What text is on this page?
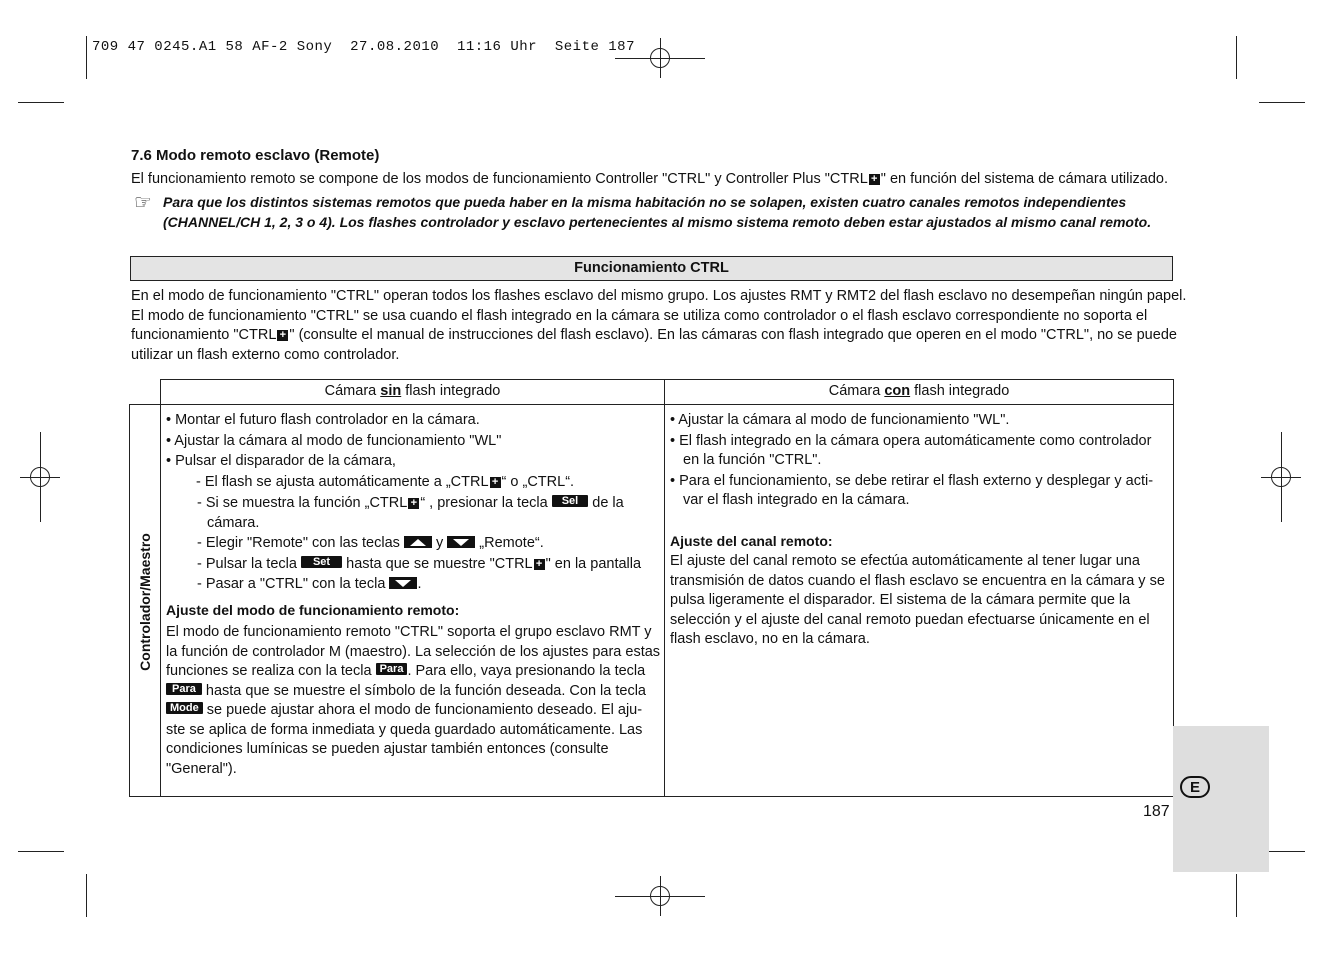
709 47 0245.A1 58 AF-2 Sony  27.08.2010  11:16 Uhr  Seite 187
7.6 Modo remoto esclavo (Remote)
El funcionamiento remoto se compone de los modos de funcionamiento Controller "CTRL" y Controller Plus "CTRL + " en función del sistema de cámara utilizado.
☞ Para que los distintos sistemas remotos que pueda haber en la misma habitación no se solapen, existen cuatro canales remotos independientes
(CHANNEL/CH 1, 2, 3 o 4). Los flashes controlador y esclavo pertenecientes al mismo sistema remoto deben estar ajustados al mismo canal remoto.
Funcionamiento CTRL
En el modo de funcionamiento "CTRL" operan todos los flashes esclavo del mismo grupo. Los ajustes RMT y RMT2 del flash esclavo no desempeñan ningún papel.
El modo de funcionamiento "CTRL" se usa cuando el flash integrado en la cámara se utiliza como controlador o el flash esclavo correspondiente no soporta el
funcionamiento "CTRL + " (consulte el manual de instrucciones del flash esclavo). En las cámaras con flash integrado que operen en el modo "CTRL", no se puede
utilizar un flash externo como controlador.
Cámara sin flash integrado	Cámara con flash integrado
Controlador/Maestro
• Montar el futuro flash controlador en la cámara.
• Ajustar la cámara al modo de funcionamiento "WL"
• Pulsar el disparador de la cámara,
- El flash se ajusta automáticamente a „CTRL + “ o „CTRL“.
- Si se muestra la función „CTRL + “ , presionar la tecla Sel de la
cámara.
- Elegir "Remote" con las teclas y „Remote“.
- Pulsar la tecla Set hasta que se muestre "CTRL + " en la pantalla
- Pasar a "CTRL" con la tecla .
Ajuste del modo de funcionamiento remoto:
El modo de funcionamiento remoto "CTRL" soporta el grupo esclavo RMT y
la función de controlador M (maestro). La selección de los ajustes para estas
funciones se realiza con la tecla Para . Para ello, vaya presionando la tecla
Para hasta que se muestre el símbolo de la función deseada. Con la tecla
Mode se puede ajustar ahora el modo de funcionamiento deseado. El aju-
ste se aplica de forma inmediata y queda guardado automáticamente. Las
condiciones lumínicas se pueden ajustar también entonces (consulte
"General").
• Ajustar la cámara al modo de funcionamiento "WL".
• El flash integrado en la cámara opera automáticamente como controlador
en la función "CTRL".
• Para el funcionamiento, se debe retirar el flash externo y desplegar y acti-
var el flash integrado en la cámara.
Ajuste del canal remoto:
El ajuste del canal remoto se efectúa automáticamente al tener lugar una
transmisión de datos cuando el flash esclavo se encuentra en la cámara y se
pulsa ligeramente el disparador. El sistema de la cámara permite que la
selección y el ajuste del canal remoto puedan efectuarse únicamente en el
flash esclavo, no en la cámara.
E
187
